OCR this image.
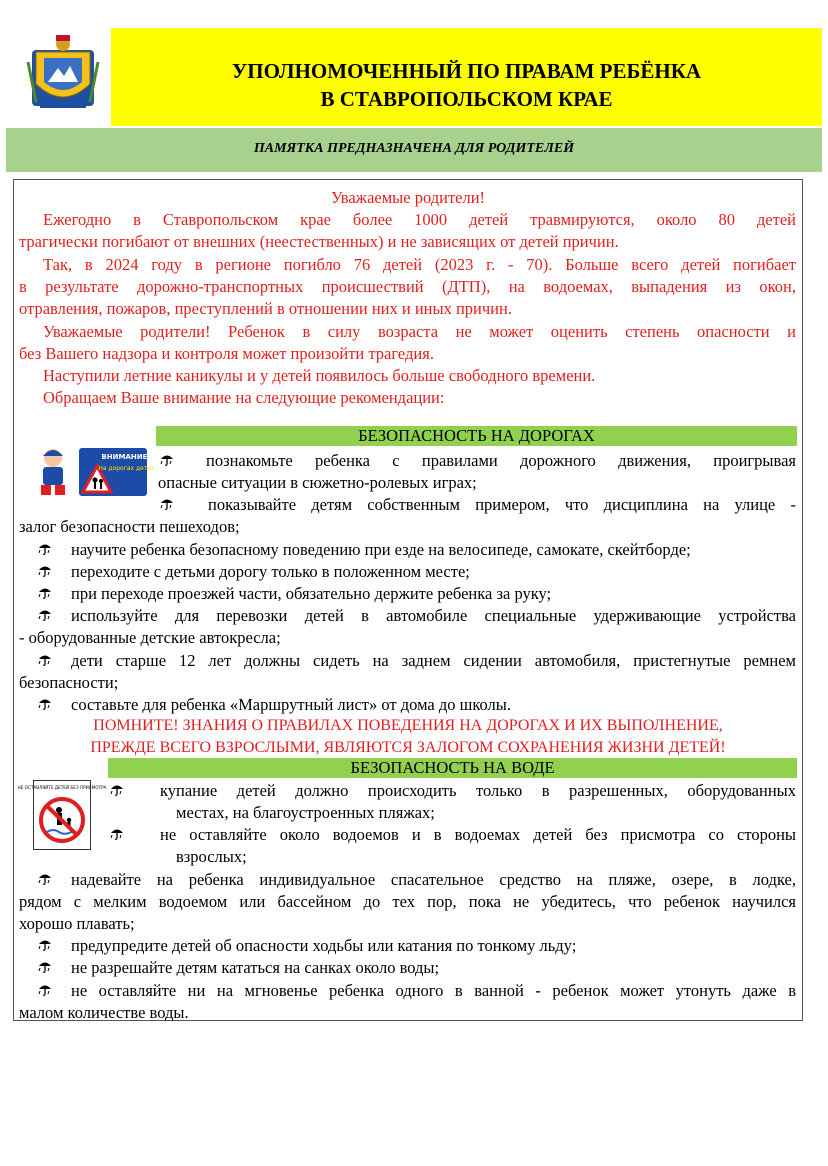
УПОЛНОМОЧЕННЫЙ ПО ПРАВАМ РЕБЁНКА
В СТАВРОПОЛЬСКОМ КРАЕ
ПАМЯТКА ПРЕДНАЗНАЧЕНА ДЛЯ РОДИТЕЛЕЙ
Уважаемые родители!
Ежегодно в Ставропольском крае более 1000 детей травмируются, около 80 детей
трагически погибают от внешних (неестественных) и не зависящих от детей причин.
Так, в 2024 году в регионе погибло 76 детей (2023 г. - 70). Больше всего детей погибает
в результате дорожно-транспортных происшествий (ДТП), на водоемах, выпадения из окон,
отравления, пожаров, преступлений в отношении них и иных причин.
Уважаемые родители! Ребенок в силу возраста не может оценить степень опасности и
без Вашего надзора и контроля может произойти трагедия.
Наступили летние каникулы и у детей появилось больше свободного времени.
Обращаем Ваше внимание на следующие рекомендации:
БЕЗОПАСНОСТЬ НА ДОРОГАХ
ВНИМАНИЕ!
На дорогах дети!	познакомьте ребенка с правилами дорожного движения, проигрывая
опасные ситуации в сюжетно-ролевых играх;
показывайте детям собственным примером, что дисциплина на улице -
залог безопасности пешеходов;
научите ребенка безопасному поведению при езде на велосипеде, самокате, скейтборде;
переходите с детьми дорогу только в положенном месте;
при переходе проезжей части, обязательно держите ребенка за руку;
используйте для перевозки детей в автомобиле специальные удерживающие устройства
- оборудованные детские автокресла;
дети старше 12 лет должны сидеть на заднем сидении автомобиля, пристегнутые ремнем
безопасности;
составьте для ребенка «Маршрутный лист» от дома до школы.
ПОМНИТЕ! ЗНАНИЯ О ПРАВИЛАХ ПОВЕДЕНИЯ НА ДОРОГАХ И ИХ ВЫПОЛНЕНИЕ,
ПРЕЖДЕ ВСЕГО ВЗРОСЛЫМИ, ЯВЛЯЮТСЯ ЗАЛОГОМ СОХРАНЕНИЯ ЖИЗНИ ДЕТЕЙ!
БЕЗОПАСНОСТЬ НА ВОДЕ
НЕ ОСТАВЛЯЙТЕ ДЕТЕЙ БЕЗ ПРИСМОТРА	купание детей должно происходить только в разрешенных, оборудованных
местах, на благоустроенных пляжах;
не оставляйте около водоемов и в водоемах детей без присмотра со стороны
взрослых;
надевайте на ребенка индивидуальное спасательное средство на пляже, озере, в лодке,
рядом с мелким водоемом или бассейном до тех пор, пока не убедитесь, что ребенок научился
хорошо плавать;
предупредите детей об опасности ходьбы или катания по тонкому льду;
не разрешайте детям кататься на санках около воды;
не оставляйте ни на мгновенье ребенка одного в ванной - ребенок может утонуть даже в
малом количестве воды.
